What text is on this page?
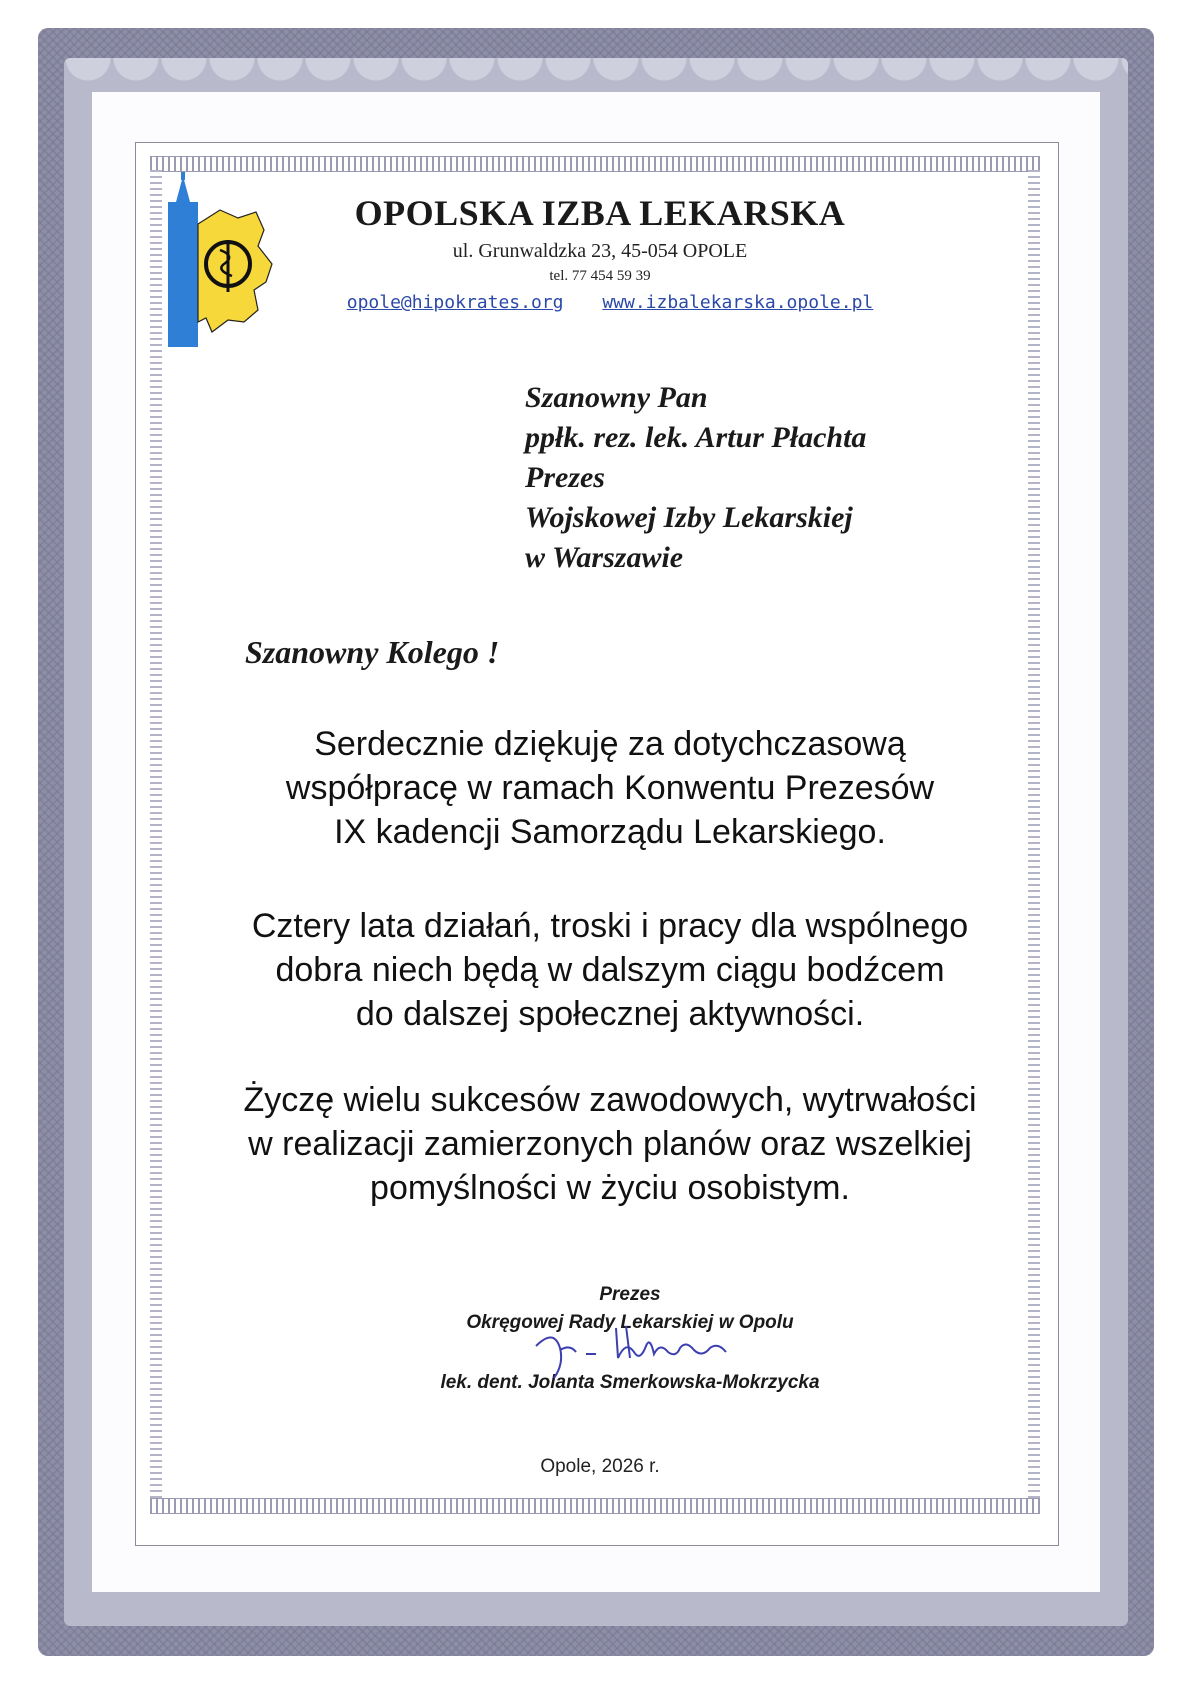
OPOLSKA IZBA LEKARSKA
ul. Grunwaldzka 23, 45-054 OPOLE
tel. 77 454 59 39
opole@hipokrates.org www.izbalekarska.opole.pl
Szanowny Pan
ppłk. rez. lek. Artur Płachta
Prezes
Wojskowej Izby Lekarskiej
w Warszawie
Szanowny Kolego !
Serdecznie dziękuję za dotychczasową
współpracę w ramach Konwentu Prezesów
IX kadencji Samorządu Lekarskiego.
Cztery lata działań, troski i pracy dla wspólnego
dobra niech będą w dalszym ciągu bodźcem
do dalszej społecznej aktywności.
Życzę wielu sukcesów zawodowych, wytrwałości
w realizacji zamierzonych planów oraz wszelkiej
pomyślności w życiu osobistym.
Prezes
Okręgowej Rady Lekarskiej w Opolu
lek. dent. Jolanta Smerkowska-Mokrzycka
Opole, 2026 r.
